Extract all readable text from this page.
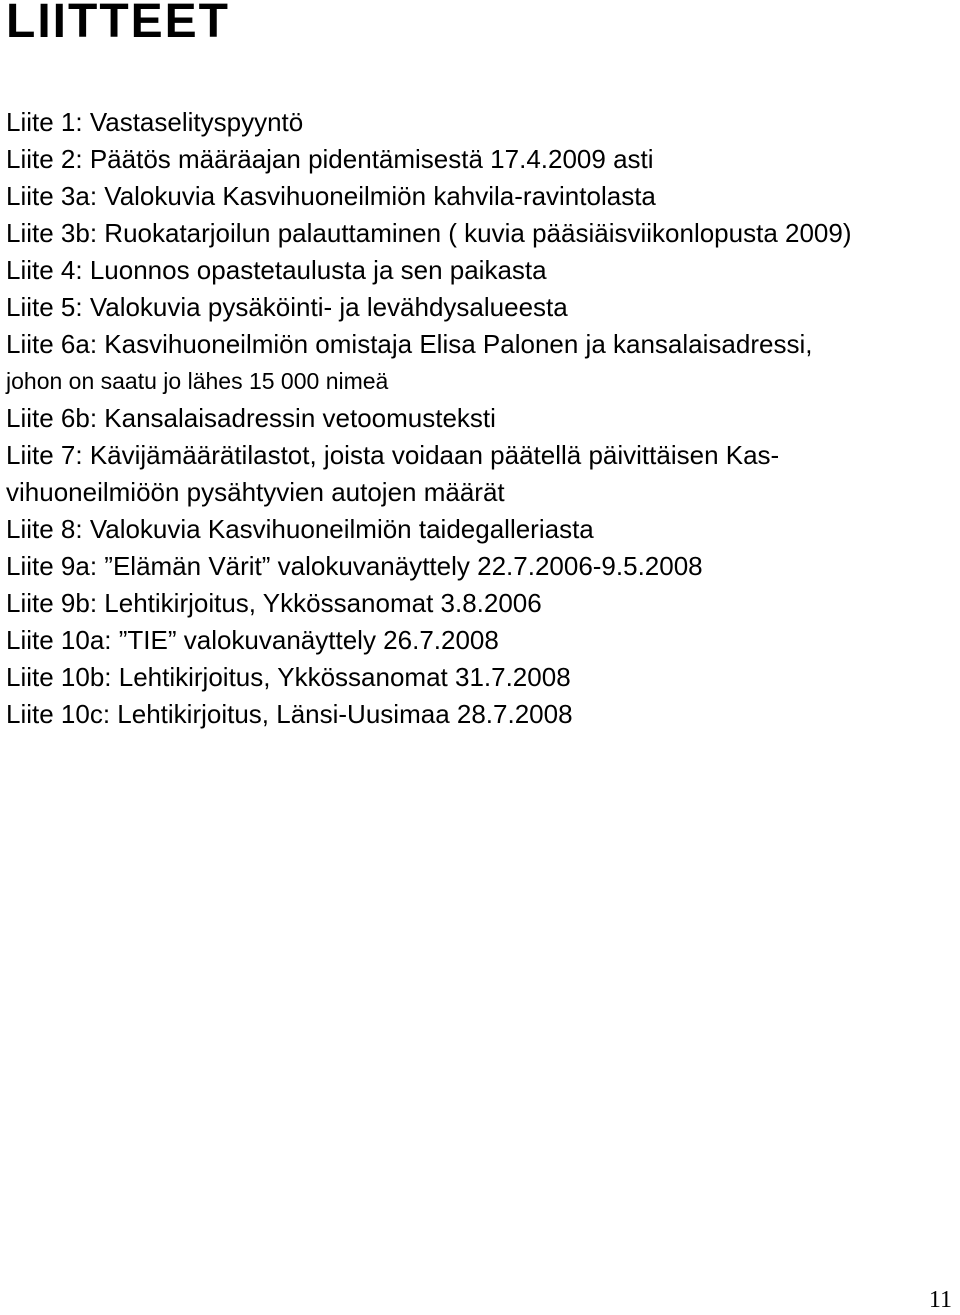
LIITTEET
Liite 1: Vastaselityspyyntö
Liite 2: Päätös määräajan pidentämisestä 17.4.2009 asti
Liite 3a: Valokuvia Kasvihuoneilmiön kahvila-ravintolasta
Liite 3b: Ruokatarjoilun palauttaminen ( kuvia pääsiäisviikonlopusta 2009)
Liite 4: Luonnos opastetaulusta ja sen paikasta
Liite 5: Valokuvia pysäköinti- ja levähdysalueesta
Liite 6a: Kasvihuoneilmiön omistaja Elisa Palonen ja kansalaisadressi,
johon on saatu jo lähes 15 000 nimeä
Liite 6b: Kansalaisadressin vetoomusteksti
Liite 7: Kävijämäärätilastot, joista voidaan päätellä päivittäisen Kas-
vihuoneilmiöön pysähtyvien autojen määrät
Liite 8: Valokuvia Kasvihuoneilmiön taidegalleriasta
Liite 9a: ”Elämän Värit” valokuvanäyttely 22.7.2006-9.5.2008
Liite 9b: Lehtikirjoitus, Ykkössanomat 3.8.2006
Liite 10a: ”TIE” valokuvanäyttely 26.7.2008
Liite 10b: Lehtikirjoitus, Ykkössanomat 31.7.2008
Liite 10c: Lehtikirjoitus, Länsi-Uusimaa 28.7.2008
11
